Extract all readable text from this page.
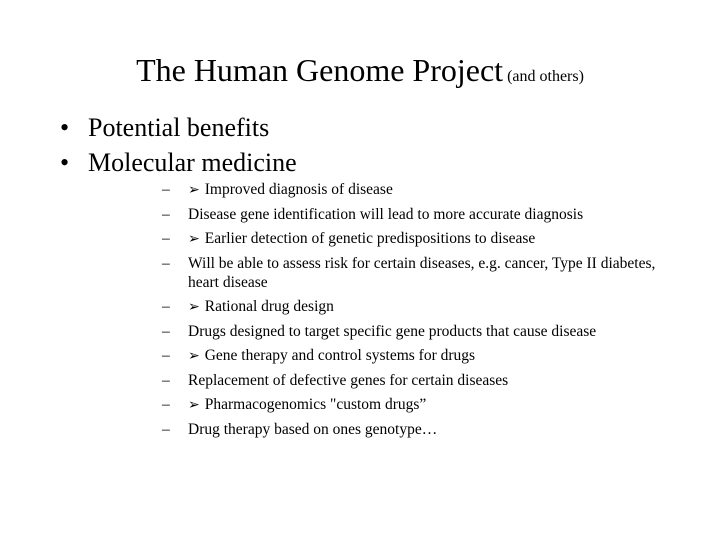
The Human Genome Project (and others)
• Potential benefits
• Molecular medicine
– ➢ Improved diagnosis of disease
– Disease gene identification will lead to more accurate diagnosis
– ➢ Earlier detection of genetic predispositions to disease
– Will be able to assess risk for certain diseases, e.g. cancer, Type II diabetes, heart disease
– ➢ Rational drug design
– Drugs designed to target specific gene products that cause disease
– ➢ Gene therapy and control systems for drugs
– Replacement of defective genes for certain diseases
– ➢ Pharmacogenomics "custom drugs”
– Drug therapy based on ones genotype…
